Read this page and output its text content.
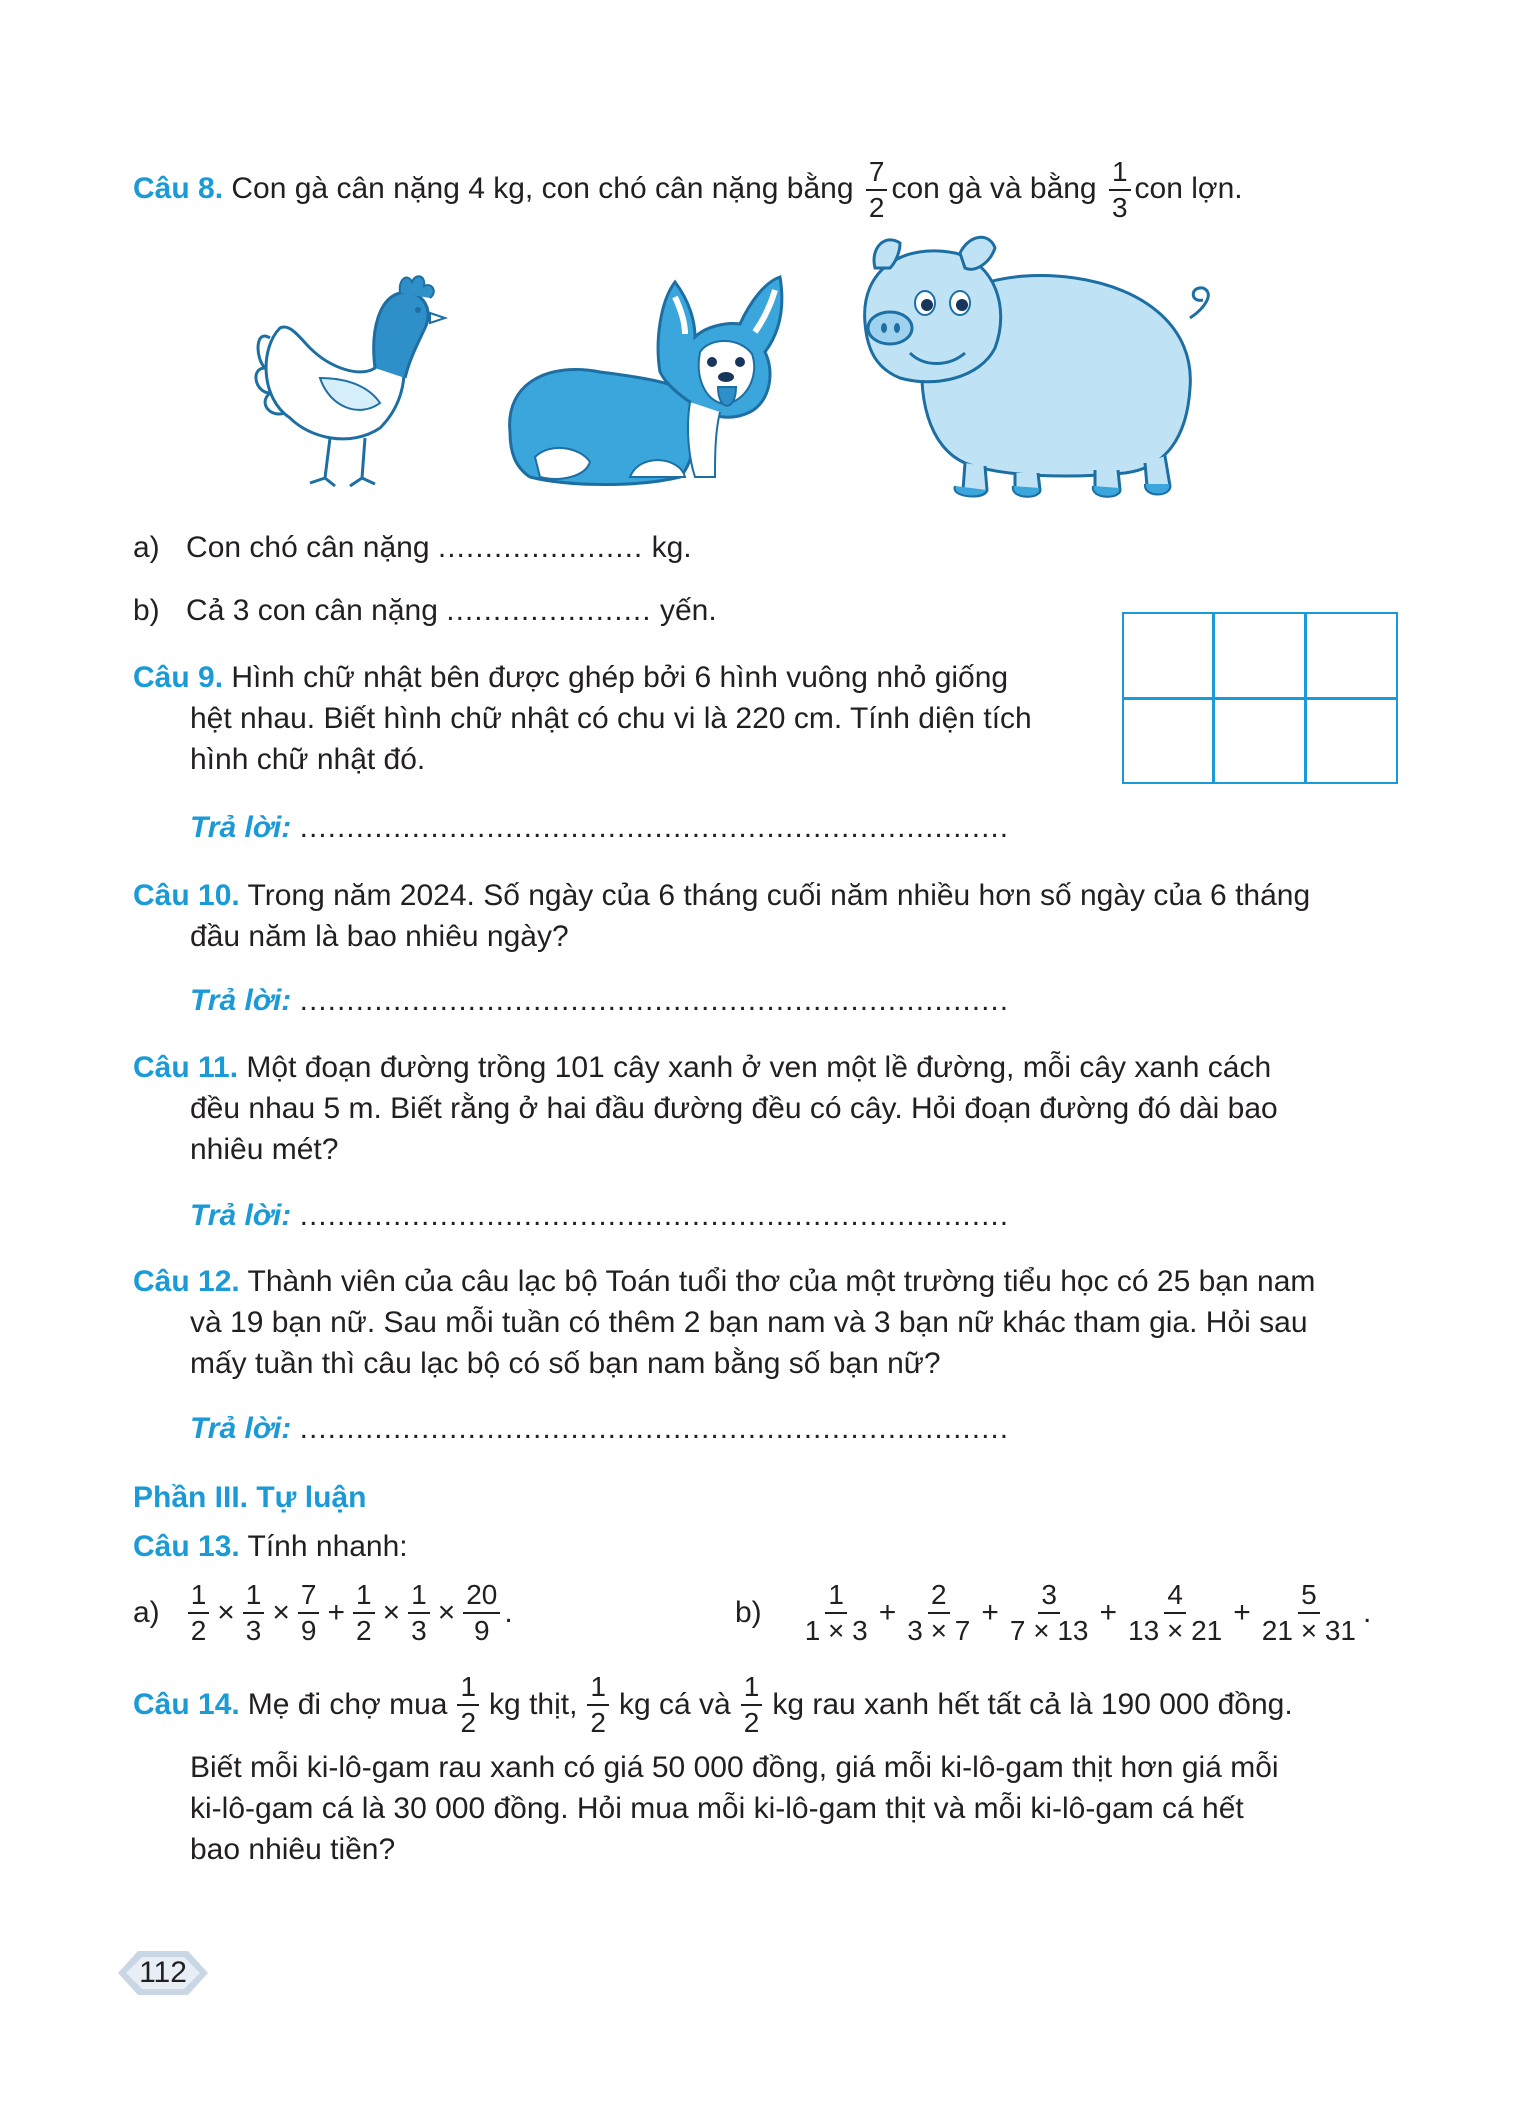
Câu 8. Con gà cân nặng 4 kg, con chó cân nặng bằng $\frac{7}{2}$ con gà và bằng $\frac{1}{3}$ con lợn.
a) Con chó cân nặng ...................... kg.
b) Cả 3 con cân nặng ...................... yến.
Câu 9. Hình chữ nhật bên được ghép bởi 6 hình vuông nhỏ giống
hệt nhau. Biết hình chữ nhật có chu vi là 220 cm. Tính diện tích
hình chữ nhật đó.
Trả lời: ............................................................................
Câu 10. Trong năm 2024. Số ngày của 6 tháng cuối năm nhiều hơn số ngày của 6 tháng
đầu năm là bao nhiêu ngày?
Trả lời: ............................................................................
Câu 11. Một đoạn đường trồng 101 cây xanh ở ven một lề đường, mỗi cây xanh cách
đều nhau 5 m. Biết rằng ở hai đầu đường đều có cây. Hỏi đoạn đường đó dài bao
nhiêu mét?
Trả lời: ............................................................................
Câu 12. Thành viên của câu lạc bộ Toán tuổi thơ của một trường tiểu học có 25 bạn nam
và 19 bạn nữ. Sau mỗi tuần có thêm 2 bạn nam và 3 bạn nữ khác tham gia. Hỏi sau
mấy tuần thì câu lạc bộ có số bạn nam bằng số bạn nữ?
Trả lời: ............................................................................
Phần III. Tự luận
Câu 13. Tính nhanh:
$a) \frac{1}{2} \times \frac{1}{3} \times \frac{7}{9} + \frac{1}{2} \times \frac{1}{3} \times \frac{20}{9}$ .	$b) \frac{1}{1 \times 3} + \frac{2}{3 \times 7} + \frac{3}{7 \times 13} + \frac{4}{13 \times 21} + \frac{5}{21 \times 31}$ .
Câu 14. Mẹ đi chợ mua $\frac{1}{2}$ kg thịt, $\frac{1}{2}$ kg cá và $\frac{1}{2}$ kg rau xanh hết tất cả là 190 000 đồng.
Biết mỗi ki-lô-gam rau xanh có giá 50 000 đồng, giá mỗi ki-lô-gam thịt hơn giá mỗi
ki-lô-gam cá là 30 000 đồng. Hỏi mua mỗi ki-lô-gam thịt và mỗi ki-lô-gam cá hết
bao nhiêu tiền?
112
